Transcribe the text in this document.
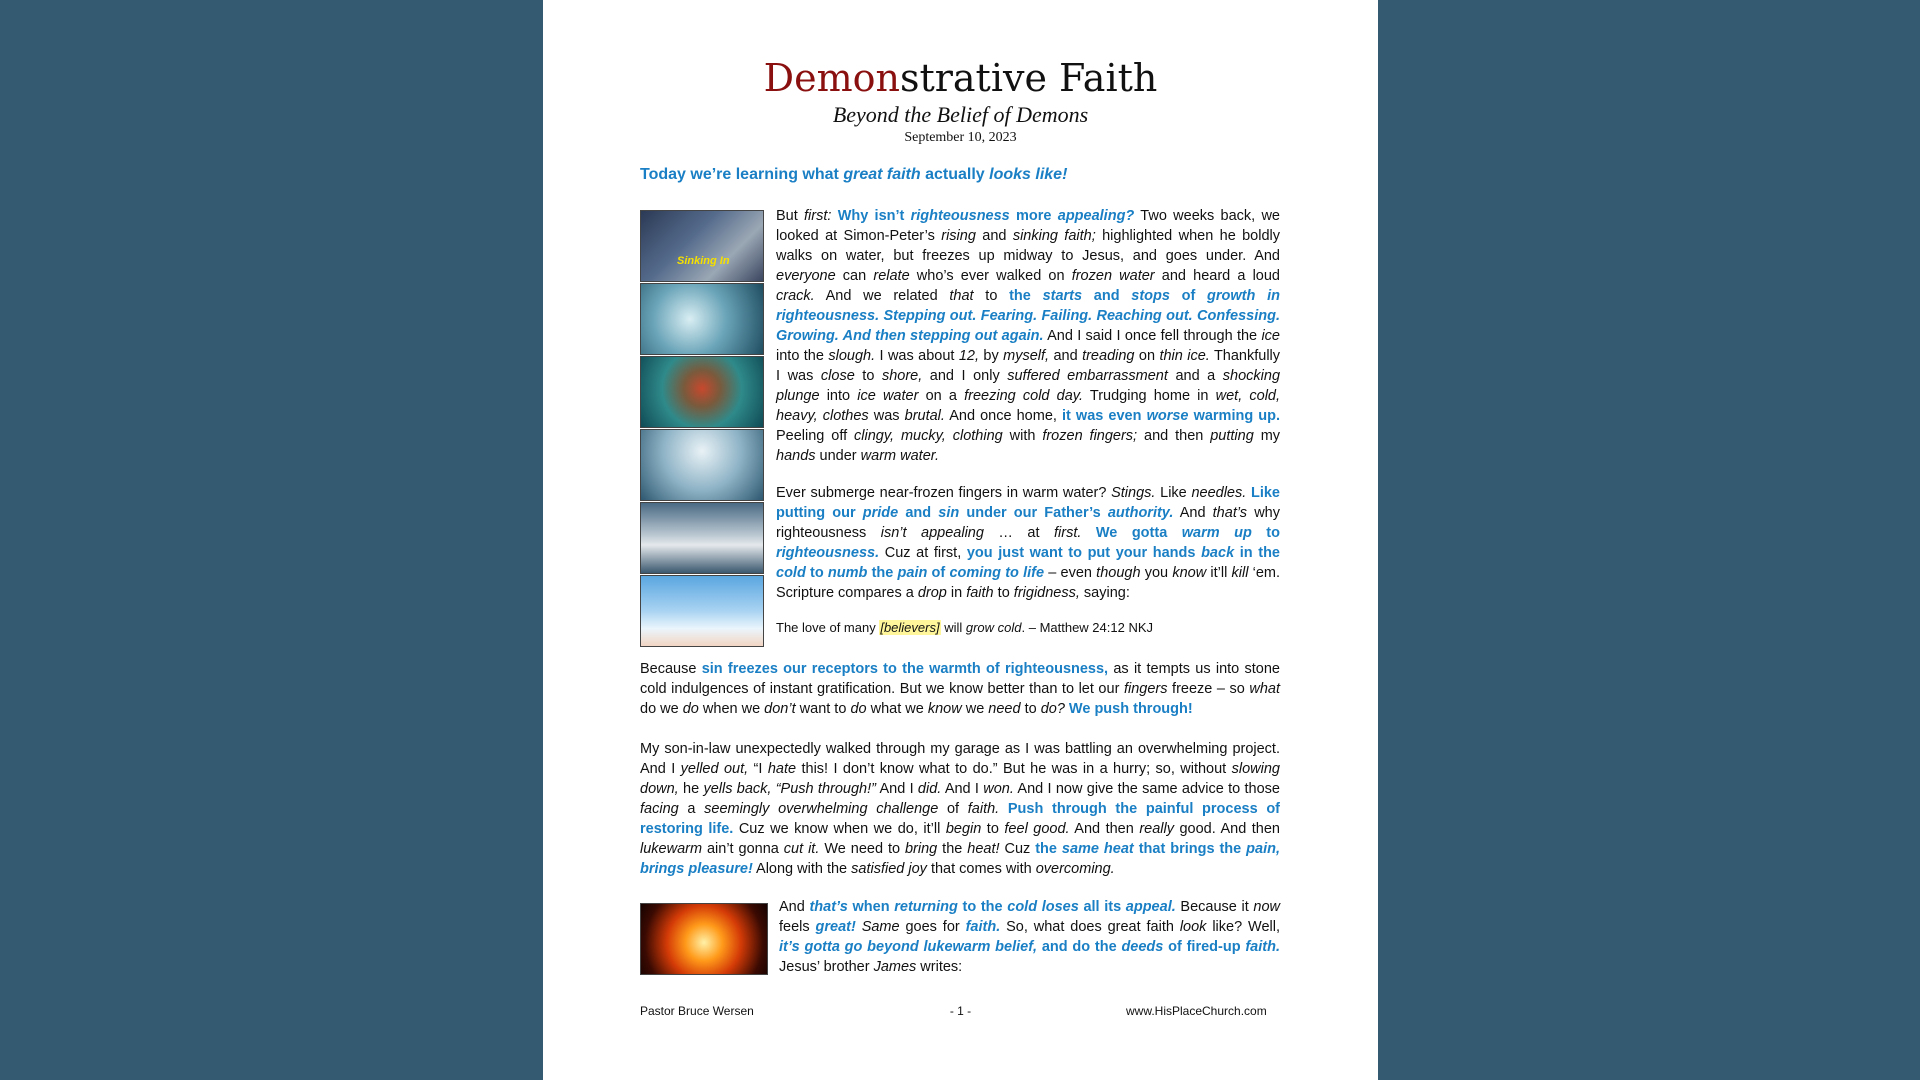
Demonstrative Faith
Beyond the Belief of Demons
September 10, 2023
Today we’re learning what great faith actually looks like!
Sinking In
But first: Why isn’t righteousness more appealing? Two weeks back, we looked at Simon-Peter’s rising and sinking faith; highlighted when he boldly walks on water, but freezes up midway to Jesus, and goes under. And everyone can relate who’s ever walked on frozen water and heard a loud crack. And we related that to the starts and stops of growth in righteousness. Stepping out. Fearing. Failing. Reaching out. Confessing. Growing. And then stepping out again. And I said I once fell through the ice into the slough. I was about 12, by myself, and treading on thin ice. Thankfully I was close to shore, and I only suffered embarrassment and a shocking plunge into ice water on a freezing cold day. Trudging home in wet, cold, heavy, clothes was brutal. And once home, it was even worse warming up. Peeling off clingy, mucky, clothing with frozen fingers; and then putting my hands under warm water.
Ever submerge near-frozen fingers in warm water? Stings. Like needles. Like putting our pride and sin under our Father’s authority. And that’s why righteousness isn’t appealing … at first. We gotta warm up to righteousness. Cuz at first, you just want to put your hands back in the cold to numb the pain of coming to life – even though you know it’ll kill ‘em. Scripture compares a drop in faith to frigidness, saying:
The love of many [believers] will grow cold. – Matthew 24:12 NKJ
Because sin freezes our receptors to the warmth of righteousness, as it tempts us into stone cold indulgences of instant gratification. But we know better than to let our fingers freeze – so what do we do when we don’t want to do what we know we need to do? We push through!
My son-in-law unexpectedly walked through my garage as I was battling an overwhelming project. And I yelled out, “I hate this! I don’t know what to do.” But he was in a hurry; so, without slowing down, he yells back, “Push through!” And I did. And I won. And I now give the same advice to those facing a seemingly overwhelming challenge of faith. Push through the painful process of restoring life. Cuz we know when we do, it’ll begin to feel good. And then really good. And then lukewarm ain’t gonna cut it. We need to bring the heat! Cuz the same heat that brings the pain, brings pleasure! Along with the satisfied joy that comes with overcoming.
And that’s when returning to the cold loses all its appeal. Because it now feels great! Same goes for faith. So, what does great faith look like? Well, it’s gotta go beyond lukewarm belief, and do the deeds of fired-up faith. Jesus’ brother James writes:
Pastor Bruce Wersen	- 1 -	www.HisPlaceChurch.com
